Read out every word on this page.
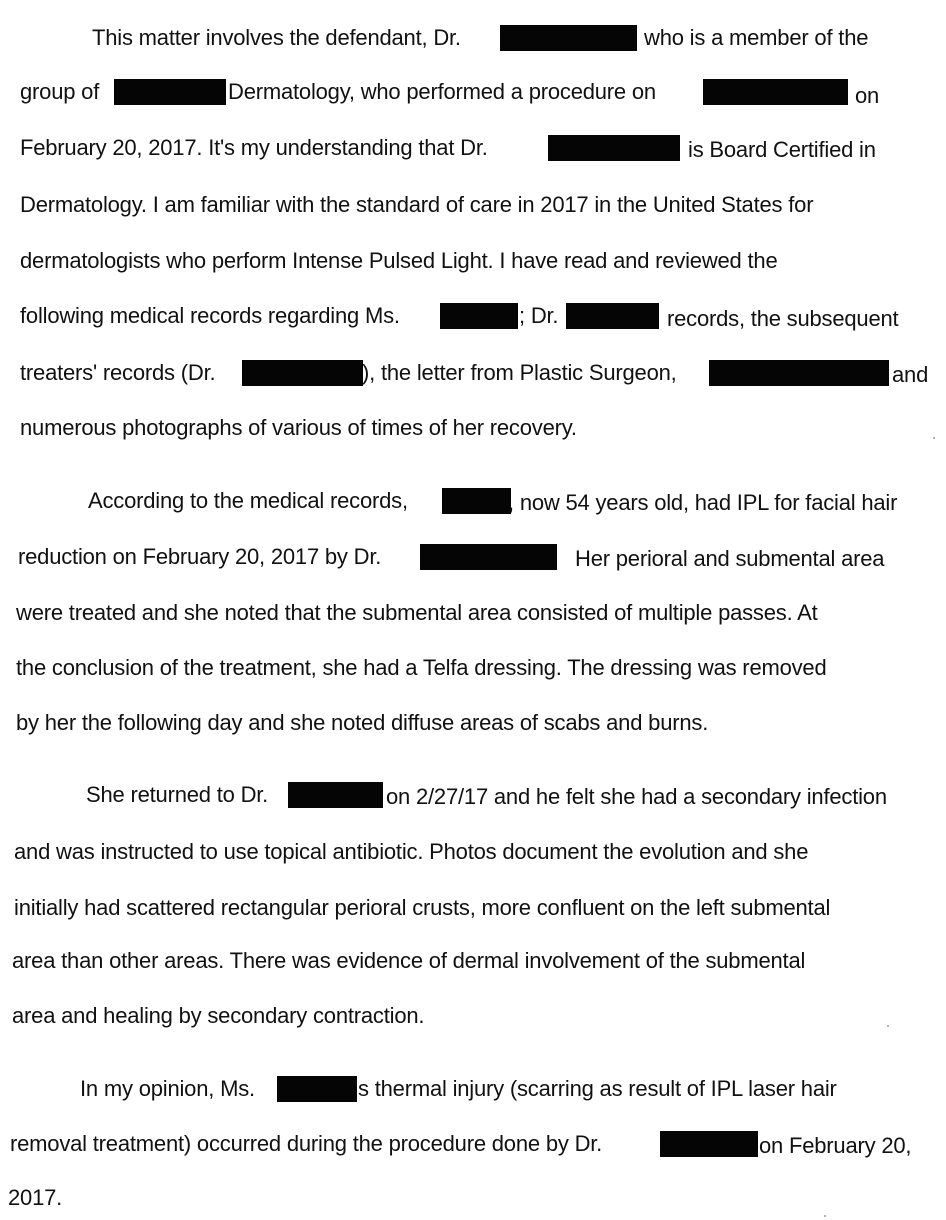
This matter involves the defendant, Dr.	who is a member of the
group of	Dermatology, who performed a procedure on	on
February 20, 2017. It's my understanding that Dr.	is Board Certified in
Dermatology. I am familiar with the standard of care in 2017 in the United States for
dermatologists who perform Intense Pulsed Light. I have read and reviewed the
following medical records regarding Ms.	; Dr.	records, the subsequent
treaters' records (Dr.	), the letter from Plastic Surgeon,	and
numerous photographs of various of times of her recovery.
According to the medical records,	, now 54 years old, had IPL for facial hair
reduction on February 20, 2017 by Dr.	Her perioral and submental area
were treated and she noted that the submental area consisted of multiple passes. At
the conclusion of the treatment, she had a Telfa dressing. The dressing was removed
by her the following day and she noted diffuse areas of scabs and burns.
She returned to Dr.	on 2/27/17 and he felt she had a secondary infection
and was instructed to use topical antibiotic. Photos document the evolution and she
initially had scattered rectangular perioral crusts, more confluent on the left submental
area than other areas. There was evidence of dermal involvement of the submental
area and healing by secondary contraction.
In my opinion, Ms.	's thermal injury (scarring as result of IPL laser hair
removal treatment) occurred during the procedure done by Dr.	on February 20,
2017.
